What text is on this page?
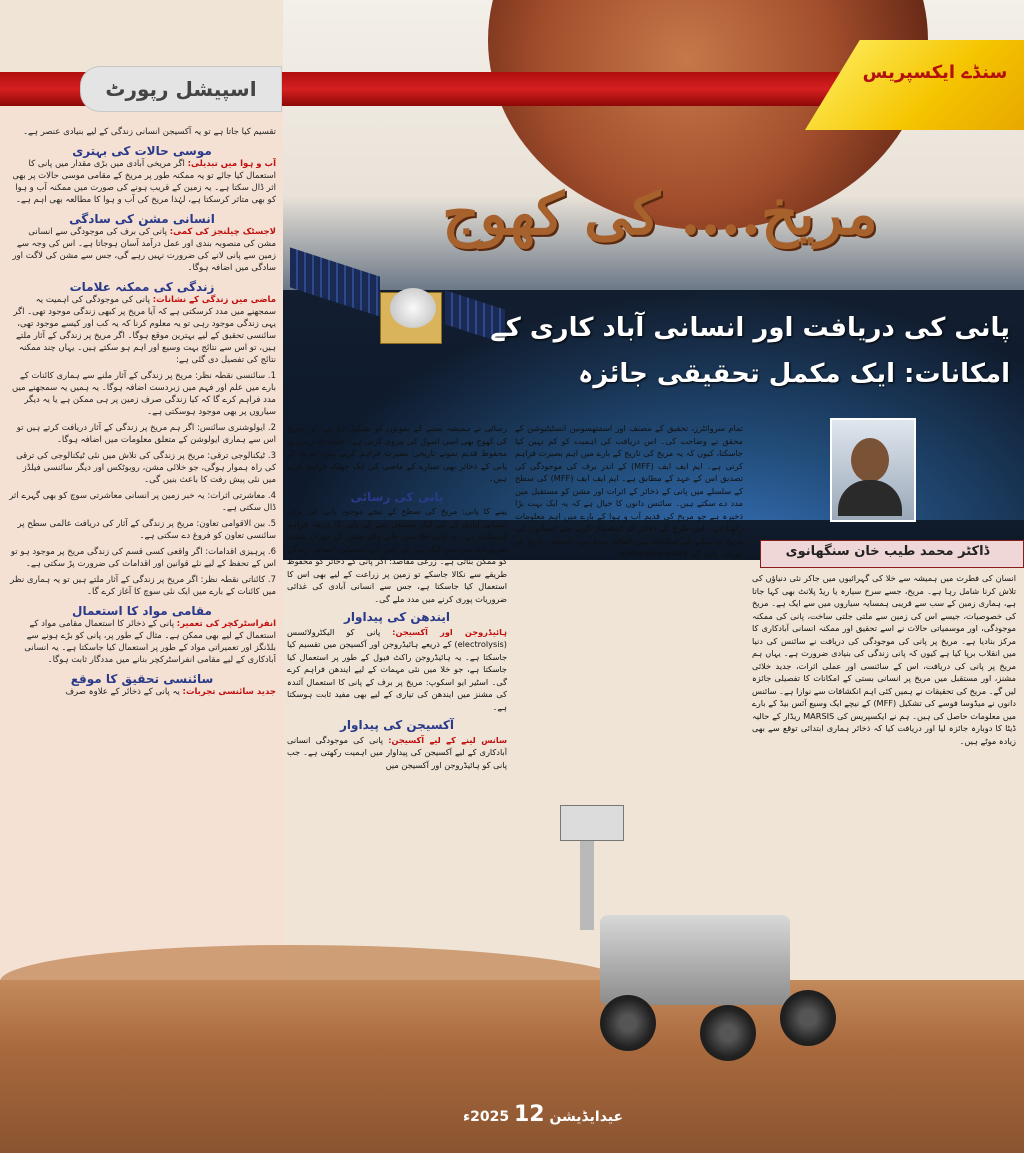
سنڈے ایکسپریس
اسپیشل رپورٹ
تقسیم کیا جاتا ہے تو یہ آکسیجن انسانی زندگی کے لیے بنیادی عنصر ہے۔
موسی حالات کی بہتری
آب و ہوا میں تبدیلی: اگر مریخی آبادی میں بڑی مقدار میں پانی کا استعمال کیا جائے تو یہ ممکنہ طور پر مریخ کے مقامی موسی حالات پر بھی اثر ڈال سکتا ہے۔ یہ زمین کے قریب ہونے کی صورت میں ممکنہ آب و ہوا کو بھی متاثر کرسکتا ہے، لہٰذا مریخ کی آب و ہوا کا مطالعہ بھی اہم ہے۔
انسانی مشن کی سادگی
لاجسٹک چیلنجز کی کمی: پانی کی برف کی موجودگی سے انسانی مشن کی منصوبہ بندی اور عمل درآمد آسان ہوجاتا ہے۔ اس کی وجہ سے زمین سے پانی لانے کی ضرورت نہیں رہے گی، جس سے مشن کی لاگت اور سادگی میں اضافہ ہوگا۔
زندگی کی ممکنہ علامات
ماضی میں زندگی کے نشانات: پانی کی موجودگی کی اہمیت یہ سمجھنے میں مدد کرسکتی ہے کہ آیا مریخ پر کبھی زندگی موجود تھی۔ اگر یہی زندگی موجود رہی تو یہ معلوم کرنا کہ یہ کب اور کیسے موجود تھی، سائنسی تحقیق کے لیے بہترین موقع ہوگا۔ اگر مریخ پر زندگی کے آثار ملتے ہیں، تو اس سے نتائج بہت وسیع اور اہم ہو سکتے ہیں۔ یہاں چند ممکنہ نتائج کی تفصیل دی گئی ہے:
1. سائنسی نقطہ نظر: مریخ پر زندگی کے آثار ملنے سے ہماری کائنات کے بارے میں علم اور فہم میں زبردست اضافہ ہوگا۔ یہ ہمیں یہ سمجھنے میں مدد فراہم کرے گا کہ کیا زندگی صرف زمین پر ہی ممکن ہے یا یہ دیگر سیاروں پر بھی موجود ہوسکتی ہے۔
2. ایولوشنری سائنس: اگر ہم مریخ پر زندگی کے آثار دریافت کرتے ہیں تو اس سے ہماری ایولوشن کے متعلق معلومات میں اضافہ ہوگا۔
3. ٹیکنالوجی ترقی: مریخ پر زندگی کی تلاش میں نئی ٹیکنالوجی کی ترقی کی راہ ہموار ہوگی، جو خلائی مشن، روبوٹکس اور دیگر سائنسی فیلڈز میں نئی پیش رفت کا باعث بنیں گی۔
4. معاشرتی اثرات: یہ خبر زمین پر انسانی معاشرتی سوچ کو بھی گہرے اثر ڈال سکتی ہے۔
5. بین الاقوامی تعاون: مریخ پر زندگی کے آثار کی دریافت عالمی سطح پر سائنسی تعاون کو فروغ دے سکتی ہے۔
6. پرہیزی اقدامات: اگر واقعی کسی قسم کی زندگی مریخ پر موجود ہو تو اس کے تحفظ کے لیے نئے قوانین اور اقدامات کی ضرورت پڑ سکتی ہے۔
7. کائناتی نقطہ نظر: اگر مریخ پر زندگی کے آثار ملتے ہیں تو یہ ہماری نظر میں کائنات کے بارے میں ایک نئی سوچ کا آغاز کرے گا۔
مقامی مواد کا استعمال
انفراسٹرکچر کی تعمیر: پانی کے ذخائر کا استعمال مقامی مواد کے استعمال کے لیے بھی ممکن ہے۔ مثال کے طور پر، پانی کو بڑے ہونے سے بلڈنگز اور تعمیراتی مواد کے طور پر استعمال کیا جاسکتا ہے۔ یہ انسانی آبادکاری کے لیے مقامی انفراسٹرکچر بنانے میں مددگار ثابت ہوگا۔
سائنسی تحقیق کا موقع
جدید سائنسی تجربات: یہ پانی کے ذخائر کے علاوہ صرف
مریخ.... کی کھوج
پانی کی دریافت اور انسانی آباد کاری کے
امکانات: ایک مکمل تحقیقی جائزہ
ڈاکٹر محمد طیب خان سنگھانوی
انسان کی فطرت میں ہمیشہ سے خلا کی گہرائیوں میں جاکر نئی دنیاؤں کی تلاش کرنا شامل رہا ہے۔ مریخ، جسے سرخ سیارہ یا ریڈ پلانٹ بھی کہا جاتا ہے، ہماری زمین کے سب سے قریبی ہمسایہ سیاروں میں سے ایک ہے۔ مریخ کی خصوصیات، جیسے اس کی زمین سے ملتی جلتی ساخت، پانی کی ممکنہ موجودگی، اور موسمیاتی حالات نے اسے تحقیق اور ممکنہ انسانی آبادکاری کا مرکز بنادیا ہے۔ مریخ پر پانی کی موجودگی کی دریافت نے سائنس کی دنیا میں انقلاب برپا کیا ہے کیوں کہ پانی زندگی کی بنیادی ضرورت ہے۔ یہاں ہم مریخ پر پانی کی دریافت، اس کے سائنسی اور عملی اثرات، جدید خلائی مشنز، اور مستقبل میں مریخ پر انسانی بستی کے امکانات کا تفصیلی جائزہ لیں گے۔ مریخ کی تحقیقات نے ہمیں کئی اہم انکشافات سے نوازا ہے۔ سائنس دانوں نے میڈوسا فوسے کی تشکیل (MFF) کے نیچے ایک وسیع آئس بیڈ کے بارے میں معلومات حاصل کی ہیں۔ ہم نے ایکسپریس کی MARSIS ریڈار کے حالیہ ڈیٹا کا دوبارہ جائزہ لیا اور دریافت کیا کہ ذخائر ہماری ابتدائی توقع سے بھی زیادہ موٹے ہیں۔
تمام سروائٹرز، تحقیق کے مصنف اور اسمتھسونین انسٹیٹیوشن کے محقق نے وضاحت کی۔ اس دریافت کی اہمیت کو کم نہیں کیا جاسکتا، کیوں کہ یہ مریخ کی تاریخ کے بارے میں اہم بصیرت فراہم کرتی ہے۔ ایم ایف ایف (MFF) کے اندر برف کی موجودگی کی تصدیق اس کے عہد کے مطابق ہے۔ ایم ایف ایف (MFF) کی سطح کے سلسلے میں پانی کے ذخائر کے اثرات اور مشن کو مستقبل میں مدد دے سکتے ہیں۔ سائنس دانوں کا خیال ہے کہ یہ ایک بہت بڑا ذخیرہ ہے جو مریخ کی قدیم آب و ہوا کے بارے میں اہم معلومات رکھتا ہے۔ اس طرح کے ذخائر کو استعمال کرنے سے انسانوں کی مریخ پر بہانے کے امکانات میں اضافہ ہوتا ہے۔ انسانی تاریخ کے دوران، پانی کی scienceplanetary
رسائی نے ہمیشہ بسنے کے نمونوں کو تشکیل دیا ہے، اور مریخ کی کھوج بھی اسی اصول کی پیروی کرتی ہے۔ جیسا کہ زمین پر محفوظ قدیم نمونے تاریخی بصیرت فراہم کرتے ہیں، مریخ کے پانی کے ذخائر بھی سیارے کے ماضی کی ایک جھلک فراہم کرتے ہیں۔
پانی کی رسائی
پینے کا پانی: مریخ کی سطح کے نیچے موجود پانی کی برف انسانی آبادی کے لیے ایک مستقل پینے کے پانی کا ذریعہ فراہم کرسکتی ہے۔ یہ پانی خلا میں جانے والے مشن کے دوران بنیادی ضروریات میں سے ایک ہے، اور اس کی دستیابی انسانی زندگی کو ممکن بناتی ہے۔ زرعی مقاصد: اگر پانی کے ذخائر کو محفوظ طریقے سے نکالا جاسکے تو زمین پر زراعت کے لیے بھی اس کا استعمال کیا جاسکتا ہے، جس سے انسانی آبادی کی غذائی ضروریات پوری کرنے میں مدد ملے گی۔
ایندھن کی پیداوار
ہائیڈروجن اور آکسیجن: پانی کو الیکٹرولائسس (electrolysis) کے ذریعے ہائیڈروجن اور آکسیجن میں تقسیم کیا جاسکتا ہے۔ یہ ہائیڈروجن راکٹ فیول کے طور پر استعمال کیا جاسکتا ہے، جو خلا میں نئی مہمات کے لیے ایندھن فراہم کرے گی۔ اسٹیر ایو اسکوپ: مریخ پر برف کے پانی کا استعمال آئندہ کی مشنز میں ایندھن کی تیاری کے لیے بھی مفید ثابت ہوسکتا ہے۔
آکسیجن کی پیداوار
سانس لینے کے لیے آکسیجن: پانی کی موجودگی انسانی آبادکاری کے لیے آکسیجن کی پیداوار میں اہمیت رکھتی ہے۔ جب پانی کو ہائیڈروجن اور آکسیجن میں
عیدایڈیشن 12 2025ء
